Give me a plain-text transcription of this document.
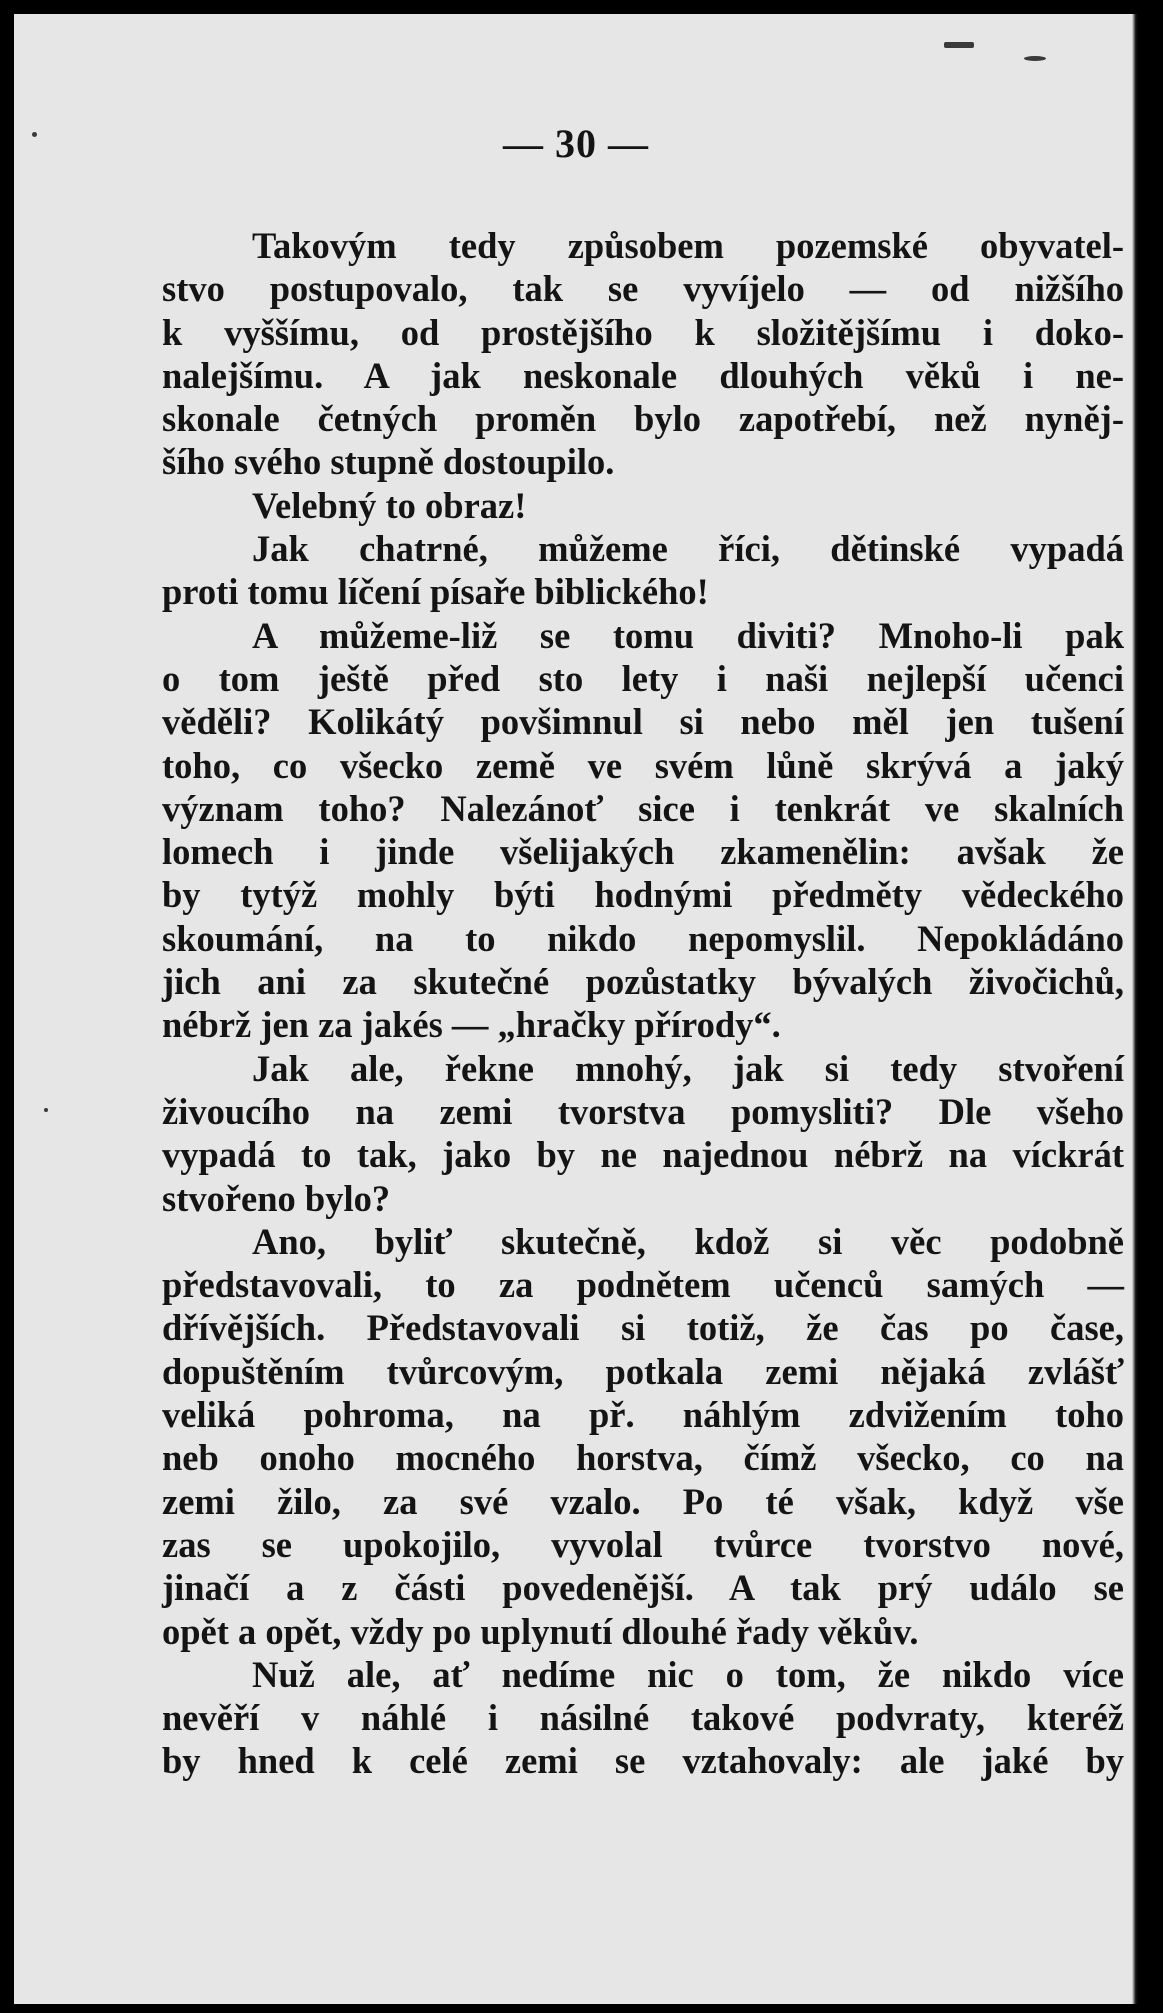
— 30 —
Takovým tedy způsobem pozemské obyvatel-
stvo postupovalo, tak se vyvíjelo — od nižšího
k vyššímu, od prostějšího k složitějšímu i doko-
nalejšímu. A jak neskonale dlouhých věků i ne-
skonale četných proměn bylo zapotřebí, než nyněj-
šího svého stupně dostoupilo.
Velebný to obraz!
Jak chatrné, můžeme říci, dětinské vypadá
proti tomu líčení písaře biblického!
A můžeme-liž se tomu diviti? Mnoho-li pak
o tom ještě před sto lety i naši nejlepší učenci
věděli? Kolikátý povšimnul si nebo měl jen tušení
toho, co všecko země ve svém lůně skrývá a jaký
význam toho? Nalezánoť sice i tenkrát ve skalních
lomech i jinde všelijakých zkamenělin: avšak že
by tytýž mohly býti hodnými předměty vědeckého
skoumání, na to nikdo nepomyslil. Nepokládáno
jich ani za skutečné pozůstatky bývalých živočichů,
nébrž jen za jakés — „hračky přírody“.
Jak ale, řekne mnohý, jak si tedy stvoření
živoucího na zemi tvorstva pomysliti? Dle všeho
vypadá to tak, jako by ne najednou nébrž na víckrát
stvořeno bylo?
Ano, byliť skutečně, kdož si věc podobně
představovali, to za podnětem učenců samých —
dřívějších. Představovali si totiž, že čas po čase,
dopuštěním tvůrcovým, potkala zemi nějaká zvlášť
veliká pohroma, na př. náhlým zdvižením toho
neb onoho mocného horstva, čímž všecko, co na
zemi žilo, za své vzalo. Po té však, když vše
zas se upokojilo, vyvolal tvůrce tvorstvo nové,
jinačí a z části povedenější. A tak prý událo se
opět a opět, vždy po uplynutí dlouhé řady věkův.
Nuž ale, ať nedíme nic o tom, že nikdo více
nevěří v náhlé i násilné takové podvraty, kteréž
by hned k celé zemi se vztahovaly: ale jaké by
